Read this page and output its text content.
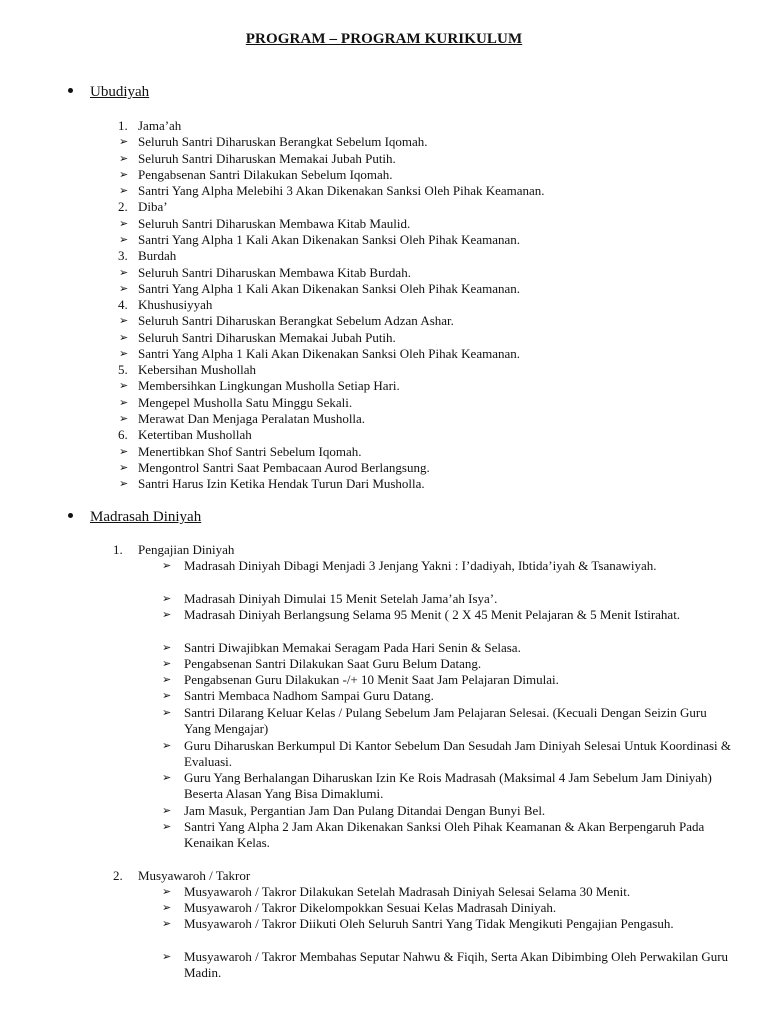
PROGRAM – PROGRAM KURIKULUM
Ubudiyah
1. Jama’ah
➢ Seluruh Santri Diharuskan Berangkat Sebelum Iqomah.
➢ Seluruh Santri Diharuskan Memakai Jubah Putih.
➢ Pengabsenan Santri Dilakukan Sebelum Iqomah.
➢ Santri Yang Alpha Melebihi 3 Akan Dikenakan Sanksi Oleh Pihak Keamanan.
2. Diba’
➢ Seluruh Santri Diharuskan Membawa Kitab Maulid.
➢ Santri Yang Alpha 1 Kali Akan Dikenakan Sanksi Oleh Pihak Keamanan.
3. Burdah
➢ Seluruh Santri Diharuskan Membawa Kitab Burdah.
➢ Santri Yang Alpha 1 Kali Akan Dikenakan Sanksi Oleh Pihak Keamanan.
4. Khushusiyyah
➢ Seluruh Santri Diharuskan Berangkat Sebelum Adzan Ashar.
➢ Seluruh Santri Diharuskan Memakai Jubah Putih.
➢ Santri Yang Alpha 1 Kali Akan Dikenakan Sanksi Oleh Pihak Keamanan.
5. Kebersihan Mushollah
➢ Membersihkan Lingkungan Musholla Setiap Hari.
➢ Mengepel Musholla Satu Minggu Sekali.
➢ Merawat Dan Menjaga Peralatan Musholla.
6. Ketertiban Mushollah
➢ Menertibkan Shof Santri Sebelum Iqomah.
➢ Mengontrol Santri Saat Pembacaan Aurod Berlangsung.
➢ Santri Harus Izin Ketika Hendak Turun Dari Musholla.
Madrasah Diniyah
1. Pengajian Diniyah
➢ Madrasah Diniyah Dibagi Menjadi 3 Jenjang Yakni : I’dadiyah, Ibtida’iyah & Tsanawiyah.
➢ Madrasah Diniyah Dimulai 15 Menit Setelah Jama’ah Isya’.
➢ Madrasah Diniyah Berlangsung Selama 95 Menit ( 2 X 45 Menit Pelajaran & 5 Menit Istirahat.
➢ Santri Diwajibkan Memakai Seragam Pada Hari Senin & Selasa.
➢ Pengabsenan Santri Dilakukan Saat Guru Belum Datang.
➢ Pengabsenan Guru Dilakukan -/+ 10 Menit Saat Jam Pelajaran Dimulai.
➢ Santri Membaca Nadhom Sampai Guru Datang.
➢ Santri Dilarang Keluar Kelas / Pulang Sebelum Jam Pelajaran Selesai. (Kecuali Dengan Seizin Guru Yang Mengajar)
➢ Guru Diharuskan Berkumpul Di Kantor Sebelum Dan Sesudah Jam Diniyah Selesai Untuk Koordinasi & Evaluasi.
➢ Guru Yang Berhalangan Diharuskan Izin Ke Rois Madrasah (Maksimal 4 Jam Sebelum Jam Diniyah) Beserta Alasan Yang Bisa Dimaklumi.
➢ Jam Masuk, Pergantian Jam Dan Pulang Ditandai Dengan Bunyi Bel.
➢ Santri Yang Alpha 2 Jam Akan Dikenakan Sanksi Oleh Pihak Keamanan & Akan Berpengaruh Pada Kenaikan Kelas.
2. Musyawaroh / Takror
➢ Musyawaroh / Takror Dilakukan Setelah Madrasah Diniyah Selesai Selama 30 Menit.
➢ Musyawaroh / Takror Dikelompokkan Sesuai Kelas Madrasah Diniyah.
➢ Musyawaroh / Takror Diikuti Oleh Seluruh Santri Yang Tidak Mengikuti Pengajian Pengasuh.
➢ Musyawaroh / Takror Membahas Seputar Nahwu & Fiqih, Serta Akan Dibimbing Oleh Perwakilan Guru Madin.
